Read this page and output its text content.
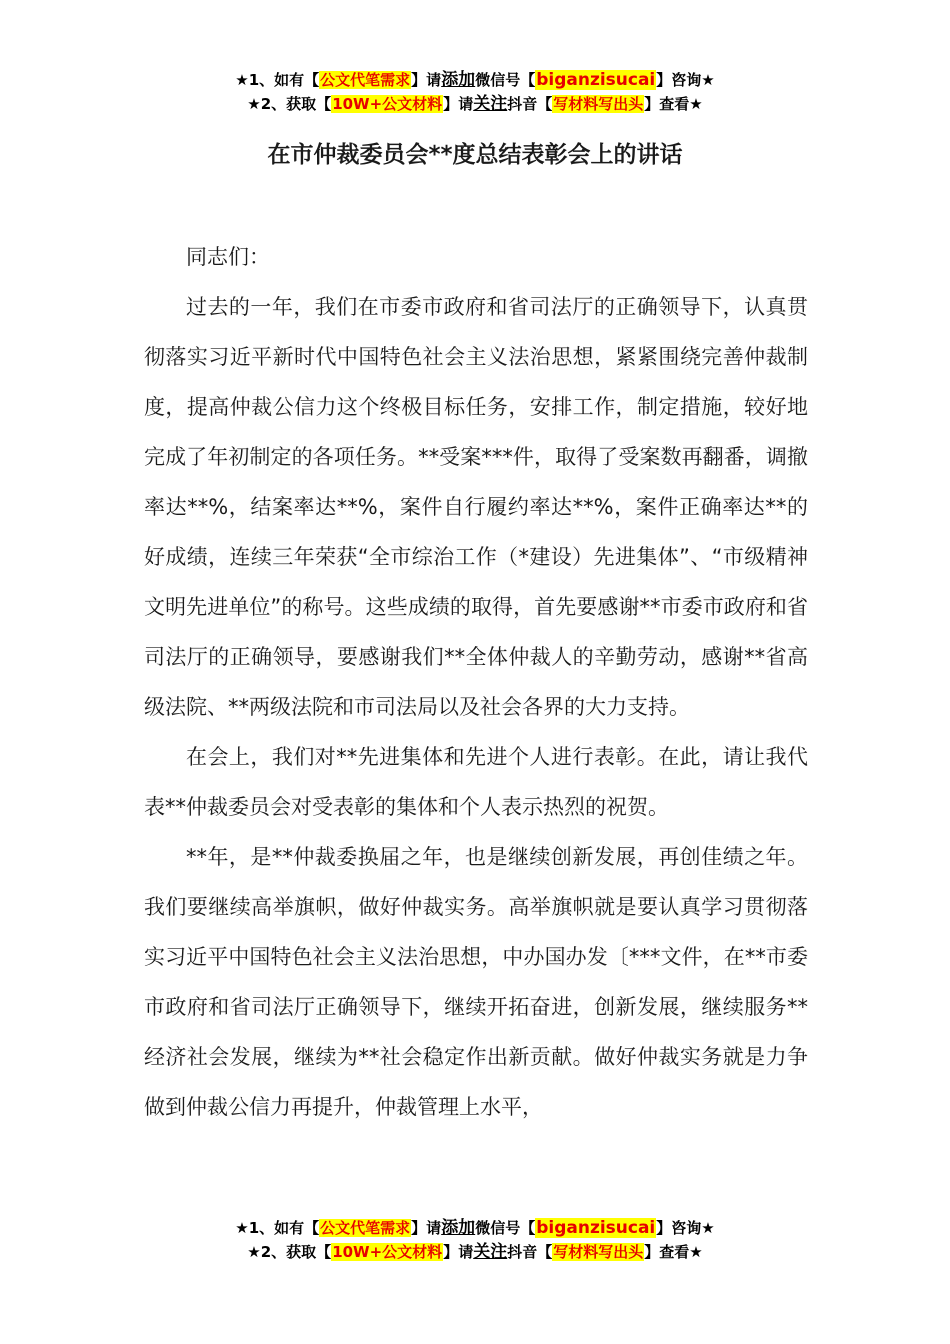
★1、如有【公文代笔需求】请添加微信号【biganzisucai】咨询★
★2、获取【10W+公文材料】请关注抖音【写材料写出头】查看★
在市仲裁委员会**度总结表彰会上的讲话

同志们：

过去的一年，我们在市委市政府和省司法厅的正确领导下，认真贯彻落实习近平新时代中国特色社会主义法治思想，紧紧围绕完善仲裁制度，提高仲裁公信力这个终极目标任务，安排工作，制定措施，较好地完成了年初制定的各项任务。**受案***件，取得了受案数再翻番，调撤率达**%，结案率达**%，案件自行履约率达**%，案件正确率达**的好成绩，连续三年荣获“全市综治工作（*建设）先进集体”、“市级精神文明先进单位”的称号。这些成绩的取得，首先要感谢**市委市政府和省司法厅的正确领导，要感谢我们**全体仲裁人的辛勤劳动，感谢**省高级法院、**两级法院和市司法局以及社会各界的大力支持。

在会上，我们对**先进集体和先进个人进行表彰。在此，请让我代表**仲裁委员会对受表彰的集体和个人表示热烈的祝贺。

**年，是**仲裁委换届之年，也是继续创新发展，再创佳绩之年。我们要继续高举旗帜，做好仲裁实务。高举旗帜就是要认真学习贯彻落实习近平中国特色社会主义法治思想，中办国办发〔***文件，在**市委市政府和省司法厅正确领导下，继续开拓奋进，创新发展，继续服务**经济社会发展，继续为**社会稳定作出新贡献。做好仲裁实务就是力争做到仲裁公信力再提升，仲裁管理上水平，

★1、如有【公文代笔需求】请添加微信号【biganzisucai】咨询★
★2、获取【10W+公文材料】请关注抖音【写材料写出头】查看★
